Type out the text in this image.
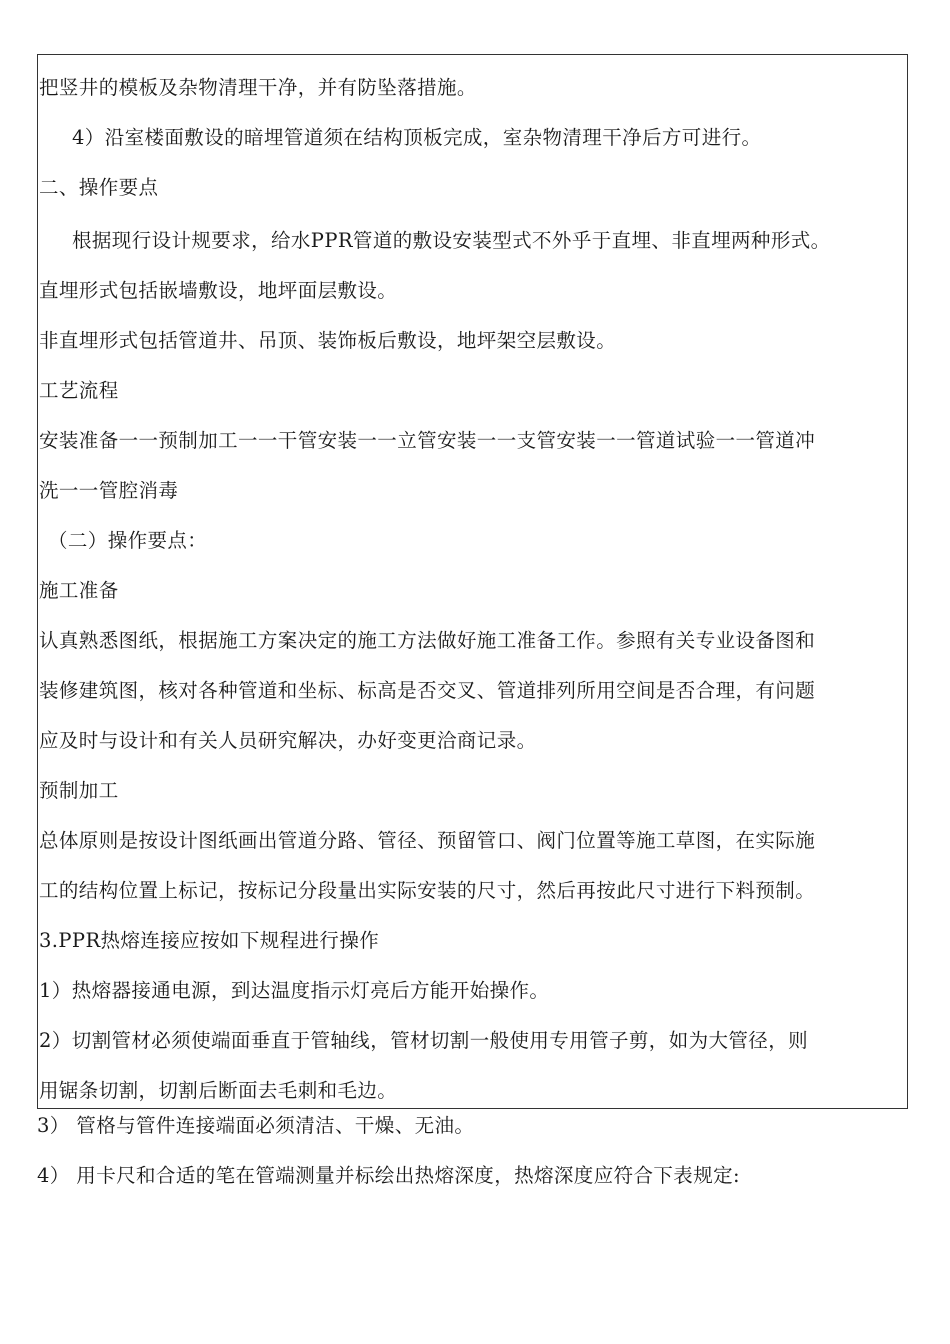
把竖井的模板及杂物清理干净，并有防坠落措施。
4）沿室楼面敷设的暗埋管道须在结构顶板完成，室杂物清理干净后方可进行。
二、操作要点
根据现行设计规要求，给水PPR管道的敷设安装型式不外乎于直埋、非直埋两种形式。
直埋形式包括嵌墙敷设，地坪面层敷设。
非直埋形式包括管道井、吊顶、装饰板后敷设，地坪架空层敷设。
工艺流程
安装准备一一预制加工一一干管安装一一立管安装一一支管安装一一管道试验一一管道冲
洗一一管腔消毒
（二）操作要点：
施工准备
认真熟悉图纸，根据施工方案决定的施工方法做好施工准备工作。参照有关专业设备图和
装修建筑图，核对各种管道和坐标、标高是否交叉、管道排列所用空间是否合理，有问题
应及时与设计和有关人员研究解决，办好变更洽商记录。
预制加工
总体原则是按设计图纸画出管道分路、管径、预留管口、阀门位置等施工草图，在实际施
工的结构位置上标记，按标记分段量出实际安装的尺寸，然后再按此尺寸进行下料预制。
3.PPR热熔连接应按如下规程进行操作
1）热熔器接通电源，到达温度指示灯亮后方能开始操作。
2）切割管材必须使端面垂直于管轴线，管材切割一般使用专用管子剪，如为大管径，则
用锯条切割，切割后断面去毛刺和毛边。
3） 管格与管件连接端面必须清洁、干燥、无油。
4） 用卡尺和合适的笔在管端测量并标绘出热熔深度，热熔深度应符合下表规定:
